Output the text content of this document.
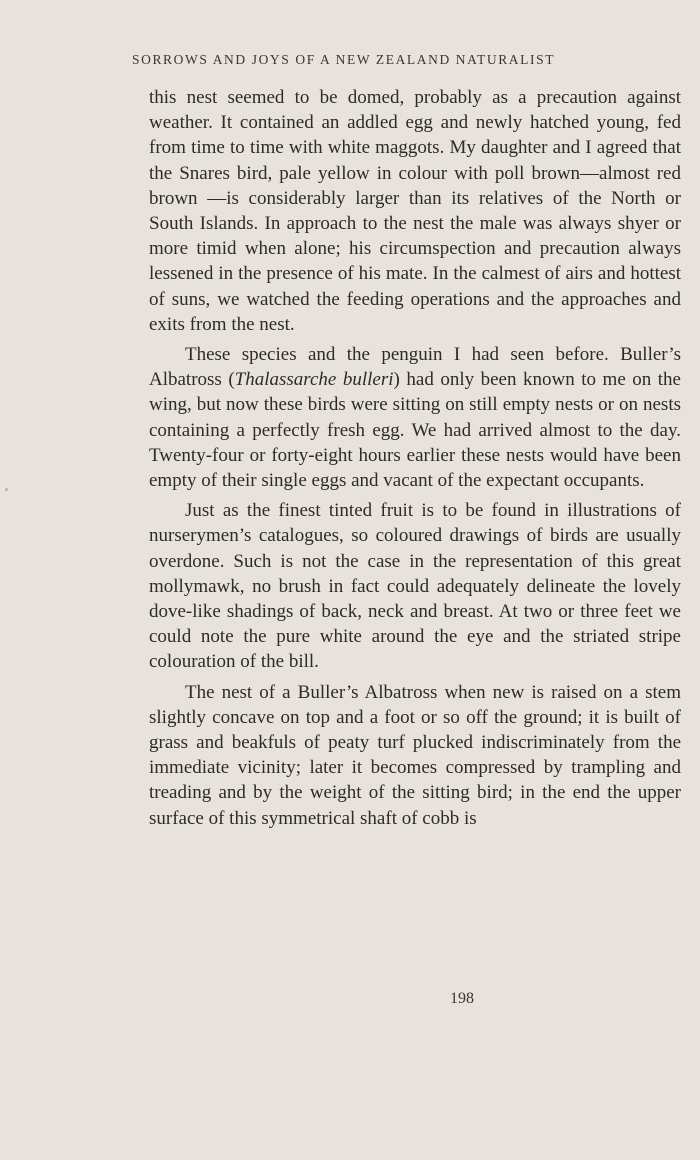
SORROWS AND JOYS OF A NEW ZEALAND NATURALIST

this nest seemed to be domed, probably as a precaution against weather. It contained an addled egg and newly hatched young, fed from time to time with white maggots. My daughter and I agreed that the Snares bird, pale yellow in colour with poll brown—almost red brown —is considerably larger than its relatives of the North or South Islands. In approach to the nest the male was always shyer or more timid when alone; his circumspection and precaution always lessened in the presence of his mate. In the calmest of airs and hottest of suns, we watched the feeding operations and the approaches and exits from the nest.

These species and the penguin I had seen before. Buller’s Albatross (Thalassarche bulleri) had only been known to me on the wing, but now these birds were sitting on still empty nests or on nests containing a perfectly fresh egg. We had arrived almost to the day. Twenty-four or forty-eight hours earlier these nests would have been empty of their single eggs and vacant of the expectant occupants.

Just as the finest tinted fruit is to be found in illustrations of nurserymen’s catalogues, so coloured drawings of birds are usually overdone. Such is not the case in the representation of this great mollymawk, no brush in fact could adequately delineate the lovely dove-like shadings of back, neck and breast. At two or three feet we could note the pure white around the eye and the striated stripe colouration of the bill.

The nest of a Buller’s Albatross when new is raised on a stem slightly concave on top and a foot or so off the ground; it is built of grass and beakfuls of peaty turf plucked indiscriminately from the immediate vicinity; later it becomes compressed by trampling and treading and by the weight of the sitting bird; in the end the upper surface of this symmetrical shaft of cobb is

198
